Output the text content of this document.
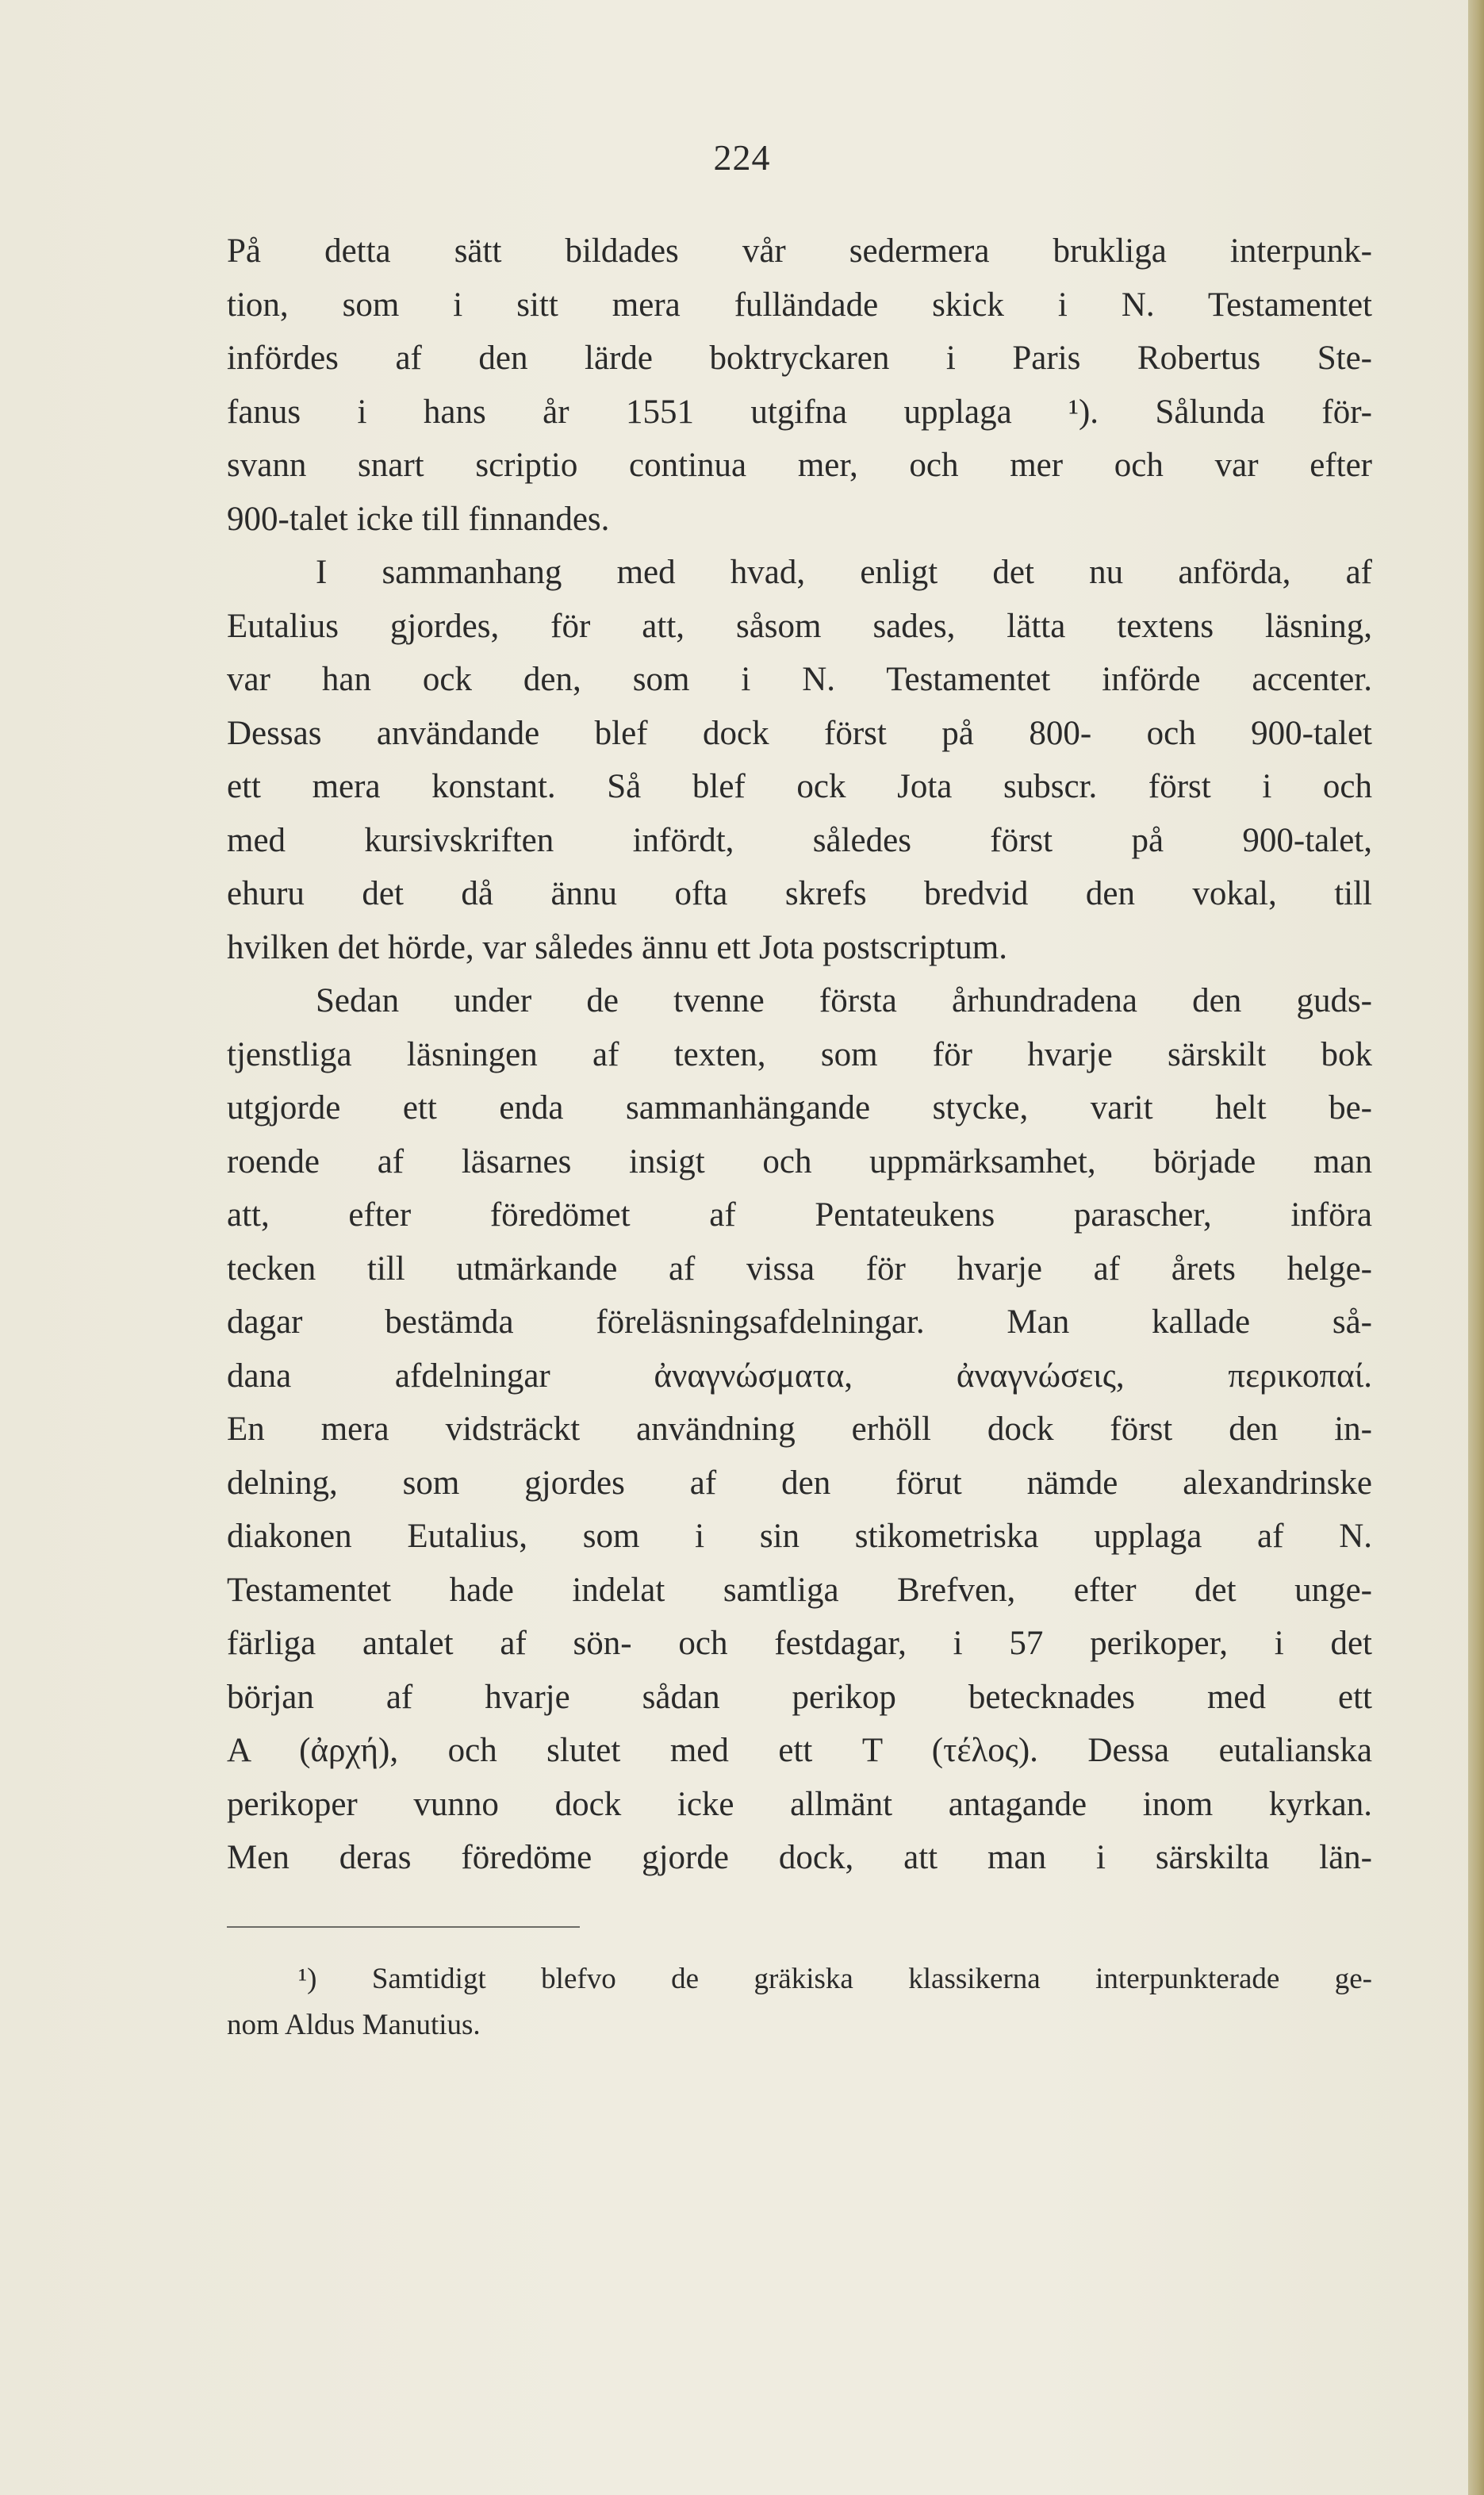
224
På detta sätt bildades vår sedermera brukliga interpunk-
tion, som i sitt mera fulländade skick i N. Testamentet
infördes af den lärde boktryckaren i Paris Robertus Ste-
fanus i hans år 1551 utgifna upplaga ¹). Sålunda för-
svann snart scriptio continua mer, och mer och var efter
900-talet icke till finnandes.
I sammanhang med hvad, enligt det nu anförda, af
Eutalius gjordes, för att, såsom sades, lätta textens läsning,
var han ock den, som i N. Testamentet införde accenter.
Dessas användande blef dock först på 800- och 900-talet
ett mera konstant. Så blef ock Jota subscr. först i och
med kursivskriften infördt, således först på 900-talet,
ehuru det då ännu ofta skrefs bredvid den vokal, till
hvilken det hörde, var således ännu ett Jota postscriptum.
Sedan under de tvenne första århundradena den guds-
tjenstliga läsningen af texten, som för hvarje särskilt bok
utgjorde ett enda sammanhängande stycke, varit helt be-
roende af läsarnes insigt och uppmärksamhet, började man
att, efter föredömet af Pentateukens parascher, införa
tecken till utmärkande af vissa för hvarje af årets helge-
dagar bestämda föreläsningsafdelningar. Man kallade så-
dana afdelningar ἀναγνώσματα, ἀναγνώσεις, περικοπαί.
En mera vidsträckt användning erhöll dock först den in-
delning, som gjordes af den förut nämde alexandrinske
diakonen Eutalius, som i sin stikometriska upplaga af N.
Testamentet hade indelat samtliga Brefven, efter det unge-
färliga antalet af sön- och festdagar, i 57 perikoper, i det
början af hvarje sådan perikop betecknades med ett
Α (ἀρχή), och slutet med ett Τ (τέλος). Dessa eutalianska
perikoper vunno dock icke allmänt antagande inom kyrkan.
Men deras föredöme gjorde dock, att man i särskilta län-
¹) Samtidigt blefvo de gräkiska klassikerna interpunkterade ge-
nom Aldus Manutius.
